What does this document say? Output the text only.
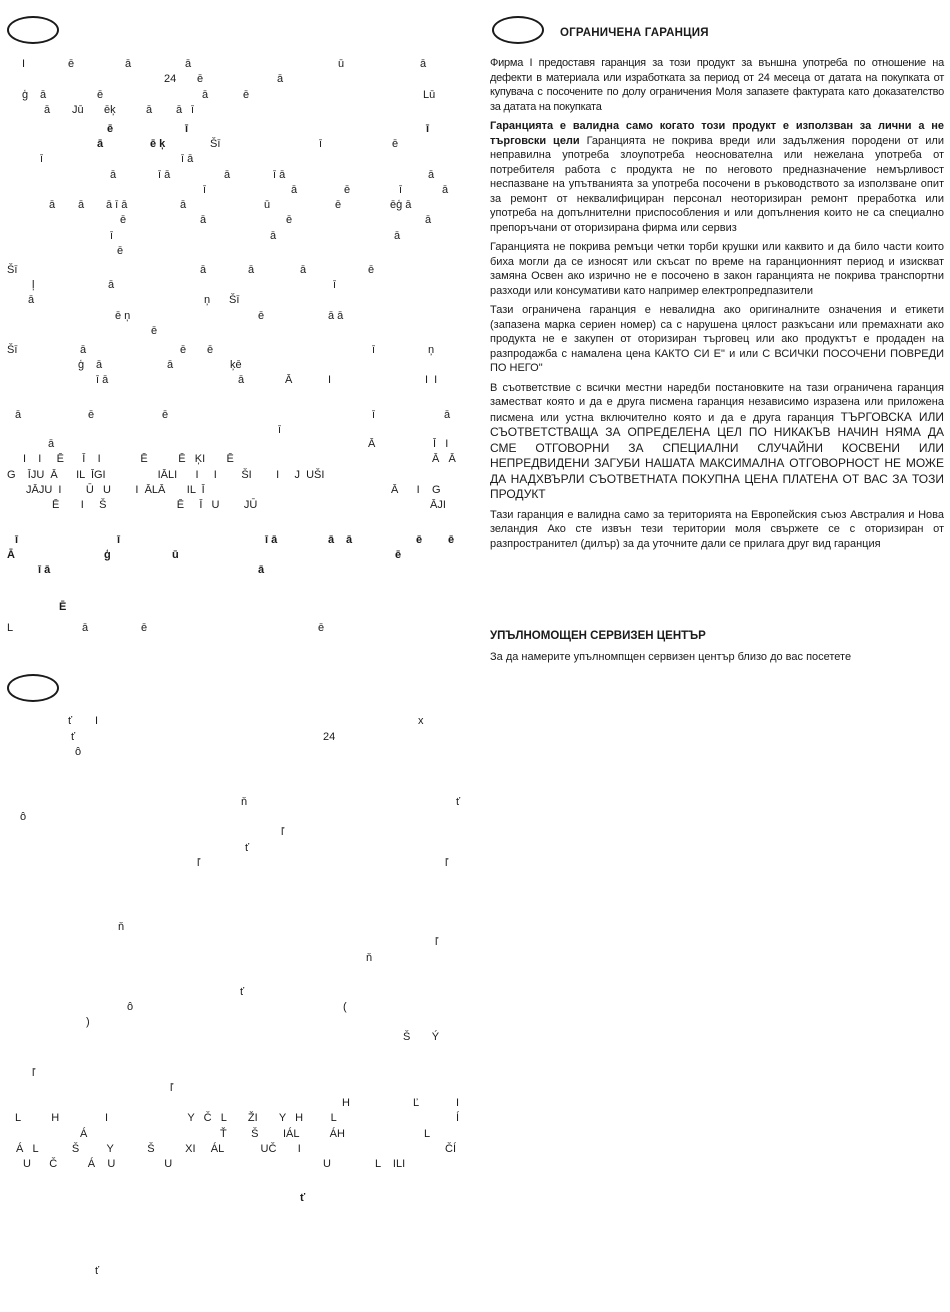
I	ē	ā	ā	ū	ā
24 ē	ā
ģ ā	ē	ā	ē	Lū
ā Jū ēķ	ā ā ī
ē	ī	ī
ā	ē ķ	Šī	ī	ē
ī	ī ā
ā	ī ā	ā	ī ā	ā
ī	ā	ē	ī	ā
ā ā ā ī ā	ā	ū	ē	ēģ ā
ē	ā	ē	ā
ī	ā	ā
ē
Šī	ā	ā	ā	ē
ļ	ā	ī
ā	ņ Šī
ē ņ	ē	ā ā
ē
Šī	ā	ē ē	ī	ņ
ģ ā	ā	ķē
ī ā	ā	Ā	I	I  I
ā	ē	ē	ī	ā
ī
ā	Ā	Ī   I
I    I     Ē      Ī    I             Ē          Ē   ĶI       Ē	Ā   Ā
G    ĪJU  Ā      IL  ĪGI                 IĀLI      I     I        ŠI        I     J  UŠI
JĀJU  I        Ū   U        I  ĀLĀ       IL  Ī	Ā      I    G
Ē       I     Š                       Ē     Ī   U        JŪ	ĀJI
ī	ī	ī ā	ā ā	ē ē
Ā	ģ	ū	ē
ī ā	ā
Ē
L	ā	ē	ē
ť I	x
ť	24
ô
ň	ť
ô
ľ
ť
ľ	ľ
ň
ľ
ň
ť
ô	(
)
Š       Ý
ľ
ľ
H	Ľ	I
L          H               I                          Y   Č   L       ŽI       Y   H         L	Í
Á	Ť        Š        IÁL          ÁH	L
Á   L           Š         Y           Š          XI     ÁL            UČ       I	ČÍ
U      Č          Á    U                U	U	L    ILI
ť
ť
ОГРАНИЧЕНА ГАРАНЦИЯ

Фирма I предоставя гаранция за този продукт за външна употреба по отношение на дефекти в материала или изработката за период от 24 месеца от датата на покупката от купувача с посочените по долу ограничения Моля запазете фактурата като доказателство за датата на покупката

Гаранцията е валидна само когато този продукт е използван за лични а не търговски цели Гаранцията не покрива вреди или задължения породени от или неправилна употреба злоупотреба неоснователна или нежелана употреба от потребителя работа с продукта не по неговото предназначение немърливост неспазване на упътванията за употреба посочени в ръководството за използване опит за ремонт от неквалифициран персонал неоторизиран ремонт преработка или употреба на допълнителни приспособления и или допълнения които не са специално препоръчани от оторизирана фирма или сервиз

Гаранцията не покрива ремъци четки торби крушки или каквито и да било части които биха могли да се износят или скъсат по време на гаранционният период и изискват замяна Освен ако изрично не е посочено в закон гаранцията не покрива транспортни разходи или консумативи като например електропредпазители

Тази ограничена гаранция е невалидна ако оригиналните означения и етикети (запазена марка сериен номер) са с нарушена цялост разкъсани или премахнати ако продукта не е закупен от оторизиран търговец или ако продуктът е продаден на разпродажба с намалена цена КАКТО СИ Е" и или С ВСИЧКИ ПОСОЧЕНИ ПОВРЕДИ ПО НЕГО"

В съответствие с всички местни наредби постановките на тази ограничена гаранция заместват която и да е друга писмена гаранция независимо изразена или приложена писмена или устна включително която и да е друга гаранция ТЪРГОВСКА ИЛИ СЪОТВЕТСТВАЩА ЗА ОПРЕДЕЛЕНА ЦЕЛ ПО НИКАКЪВ НАЧИН НЯМА ДА СМЕ ОТГОВОРНИ ЗА СПЕЦИАЛНИ СЛУЧАЙНИ КОСВЕНИ ИЛИ НЕПРЕДВИДЕНИ ЗАГУБИ НАШАТА МАКСИМАЛНА ОТГОВОРНОСТ НЕ МОЖЕ ДА НАДХВЪРЛИ СЪОТВЕТНАТА ПОКУПНА ЦЕНА ПЛАТЕНА ОТ ВАС ЗА ТОЗИ ПРОДУКТ

Тази гаранция е валидна само за територията на Европейския съюз Австралия и Нова зеландия Ако сте извън тези територии моля свържете се с оторизиран от разпространител (дилър) за да уточните дали се прилага друг вид гаранция

УПЪЛНОМОЩЕН СЕРВИЗЕН ЦЕНТЪР
За да намерите упълномпщен сервизен център близо до вас посетете
